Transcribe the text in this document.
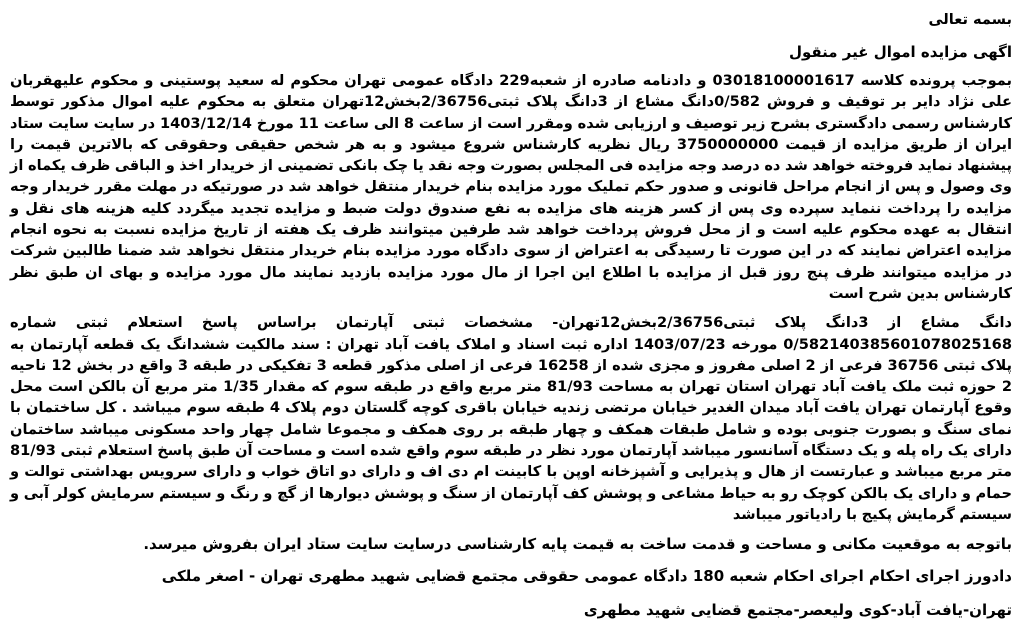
بسمه تعالی

اگهی مزایده اموال غیر منقول

بموجب پرونده کلاسه 03018100001617 و دادنامه صادره از شعبه229 دادگاه عمومی تهران محکوم له سعید پوستینی و محکوم علیهقربان علی نژاد دایر بر توقیف و فروش 0/582دانگ مشاع از 3دانگ پلاک ثبتی2/36756بخش12تهران متعلق به محکوم علیه اموال مذکور توسط کارشناس رسمی دادگستری بشرح زیر توصیف و ارزیابی شده ومقرر است از ساعت 8 الی ساعت 11 مورخ 1403/12/14 در سایت سایت ستاد ایران از طریق مزایده از قیمت 3750000000 ریال نظریه کارشناس شروع میشود و به هر شخص حقیقی وحقوقی که بالاترین قیمت را پیشنهاد نماید فروخته خواهد شد ده درصد وجه مزایده فی المجلس بصورت وجه نقد یا چک بانکی تضمینی از خریدار اخذ و الباقی ظرف یکماه از وی وصول و پس از انجام مراحل قانونی و صدور حکم تملیک مورد مزایده بنام خریدار منتقل خواهد شد در صورتیکه در مهلت مقرر خریدار وجه مزایده را پرداخت ننماید سپرده وی پس از کسر هزینه های مزایده به نفع صندوق دولت ضبط و مزایده تجدید میگردد کلیه هزینه های نقل و انتقال به عهده محکوم علیه است و از محل فروش پرداخت خواهد شد طرفین میتوانند ظرف یک هفته از تاریخ مزایده نسبت به نحوه انجام مزایده اعتراض نمایند که در این صورت تا رسیدگی به اعتراض از سوی دادگاه مورد مزایده بنام خریدار منتقل نخواهد شد ضمنا طالبین شرکت در مزایده میتوانند ظرف پنج روز قبل از مزایده با اطلاع این اجرا از مال مورد مزایده بازدید نمایند مال مورد مزایده و بهای ان طبق نظر کارشناس بدین شرح است

دانگ مشاع از 3دانگ پلاک ثبتی2/36756بخش12تهران- مشخصات ثبتی آپارتمان براساس پاسخ استعلام ثبتی شماره 0/582140385601078025168 مورخه 1403/07/23 اداره ثبت اسناد و املاک یافت آباد تهران : سند مالکیت ششدانگ یک قطعه آپارتمان به پلاک ثبتی 36756 فرعی از 2 اصلی مفروز و مجزی شده از 16258 فرعی از اصلی مذکور قطعه 3 تفکیکی در طبقه 3 واقع در بخش 12 ناحیه 2 حوزه ثبت ملک یافت آباد تهران استان تهران به مساحت 81/93 متر مربع واقع در طبقه سوم که مقدار 1/35 متر مربع آن بالکن است محل وقوع آپارتمان تهران یافت آباد میدان الغدیر خیابان مرتضی زندیه خیابان باقری کوچه گلستان دوم پلاک 4 طبقه سوم میباشد . کل ساختمان با نمای سنگ و بصورت جنوبی بوده و شامل طبقات همکف و چهار طبقه بر روی همکف و مجموعا شامل چهار واحد مسکونی میباشد ساختمان دارای یک راه پله و یک دستگاه آسانسور میباشد آپارتمان مورد نظر در طبقه سوم واقع شده است و مساحت آن طبق پاسخ استعلام ثبتی 81/93 متر مربع میباشد و عبارتست از هال و پذیرایی و آشپزخانه اوپن با کابینت ام دی اف و دارای دو اتاق خواب و دارای سرویس بهداشتی توالت و حمام و دارای یک بالکن کوچک رو به حیاط مشاعی و پوشش کف آپارتمان از سنگ و پوشش دیوارها از گچ و رنگ و سیستم سرمایش کولر آبی و سیستم گرمایش پکیج با رادیاتور میباشد

باتوجه به موقعیت مکانی و مساحت و قدمت ساخت به قیمت پایه کارشناسی درسایت سایت ستاد ایران بفروش میرسد.

دادورز اجرای احکام اجرای احکام شعبه 180 دادگاه عمومی حقوقی مجتمع قضایی شهید مطهری تهران - اصغر ملکی

تهران-یافت آباد-کوی ولیعصر-مجتمع قضایی شهید مطهری
